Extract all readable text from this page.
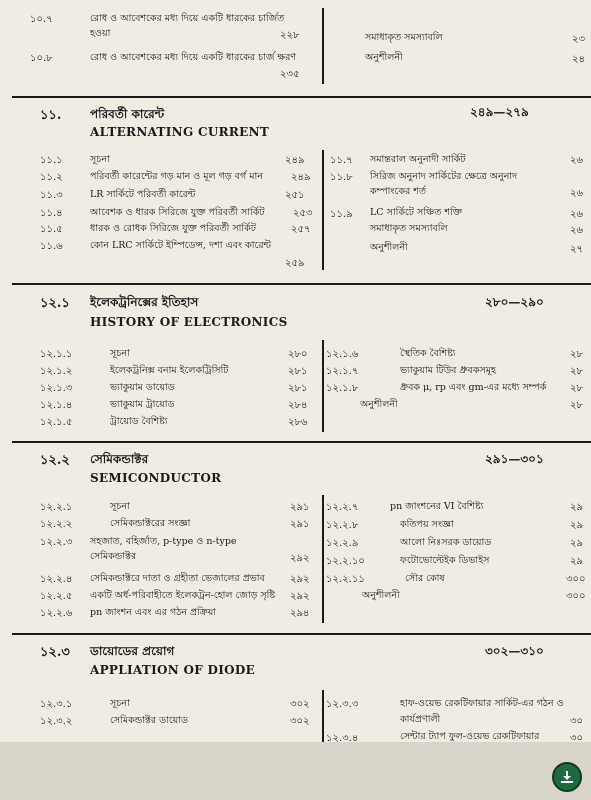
১০.৭	রোধ ও আবেশকের মধ্য দিয়ে একটি ধারকের চার্জিত
হওয়া	২২৮
১০.৮	রোধ ও আবেশকের মধ্য দিয়ে একটি ধারকের চার্জ ক্ষরণ
২৩৫
সমাধাকৃত সমস্যাবলি	২৩
অনুশীলনী	২৪
১১. পরিবর্তী কারেন্ট	২৪৯—২৭৯
ALTERNATING CURRENT
১১.১	সূচনা	২৪৯
১১.২	পরিবর্তী কারেন্টের গড় মান ও মূল গড় বর্গ মান	২৪৯
১১.৩	LR সার্কিটে পরিবর্তী কারেন্ট	২৫১
১১.৪	আবেশক ও ধারক সিরিজে যুক্ত পরিবর্তী সার্কিট	২৫৩
১১.৫	ধারক ও রোধক সিরিজে যুক্ত পরিবর্তী সার্কিট	২৫৭
১১.৬	কোন LRC সার্কিটে ইম্পিডেন্স, দশা এবং কারেন্ট
২৫৯
১১.৭ সমান্তরাল অনুনাদী সার্কিট	২৬
১১.৮ সিরিজ অনুনাদ সার্কিটের ক্ষেত্রে অনুনাদ
কম্পাংকের শর্ত	২৬
১১.৯ LC সার্কিটে সঞ্চিত শক্তি	২৬
সমাধাকৃত সমস্যাবলি	২৬
অনুশীলনী	২৭
১২.১ ইলেকট্রনিক্সের ইতিহাস	২৮০—২৯০
HISTORY OF ELECTRONICS
১২.১.১	সূচনা	২৮০
১২.১.২	ইলেকট্রনিক্স বনাম ইলেকট্রিসিটি	২৮১
১২.১.৩	ভ্যাকুয়াম ডায়োড	২৮১
১২.১.৪	ভ্যাকুয়াম ট্রায়োড	২৮৪
১২.১.৫	ট্রায়োড বৈশিষ্ট্য	২৮৬
১২.১.৬	স্থৈতিক বৈশিষ্ট্য	২৮
১২.১.৭	ভ্যাকুয়াম টিউব ধ্রুবকসমূহ	২৮
১২.১.৮	ধ্রুবক μ, rp এবং gm-এর মধ্যে সম্পর্ক ২৮
অনুশীলনী	২৮
১২.২ সেমিকন্ডাক্টর	২৯১—৩০১
SEMICONDUCTOR
১২.২.১	সূচনা	২৯১
১২.২.২	সেমিকন্ডাক্টরের সংজ্ঞা	২৯১
১২.২.৩ সহজাত, বহির্জাত, p-type ও n-type
সেমিকন্ডাক্টর	২৯২
১২.২.৪ সেমিকন্ডাক্টরে দাতা ও গ্রহীতা ভেজালের প্রভাব	২৯২
১২.২.৫ একটি অর্ধ-পরিবাহীতে ইলেকট্রন-হোল জোড় সৃষ্টি ২৯২
১২.২.৬ pn জাংশন এবং এর গঠন প্রক্রিয়া	২৯৪
১২.২.৭	pn জাংশনের VI বৈশিষ্ট্য	২৯
১২.২.৮	কতিপয় সংজ্ঞা	২৯
১২.২.৯	আলো নিঃসরক ডায়োড	২৯
১২.২.১০	ফটোভোল্টেইক ডিভাইস	২৯
১২.২.১১	সৌর কোষ	৩০০
অনুশীলনী	৩০০
১২.৩ ডায়োডের প্রয়োগ	৩০২—৩১০
APPLIATION OF DIODE
১২.৩.১	সূচনা	৩০২
১২.৩.২	সেমিকন্ডাক্টর ডায়োড	৩০২
১২.৩.৩	হাফ-ওয়েভ রেকটিফায়ার সার্কিট-এর গঠন ও
কার্যপ্রণালী	৩০
১২.৩.৪	সেন্টার ট্যাপ ফুল-ওয়েভ রেকটিফায়ার	৩০
